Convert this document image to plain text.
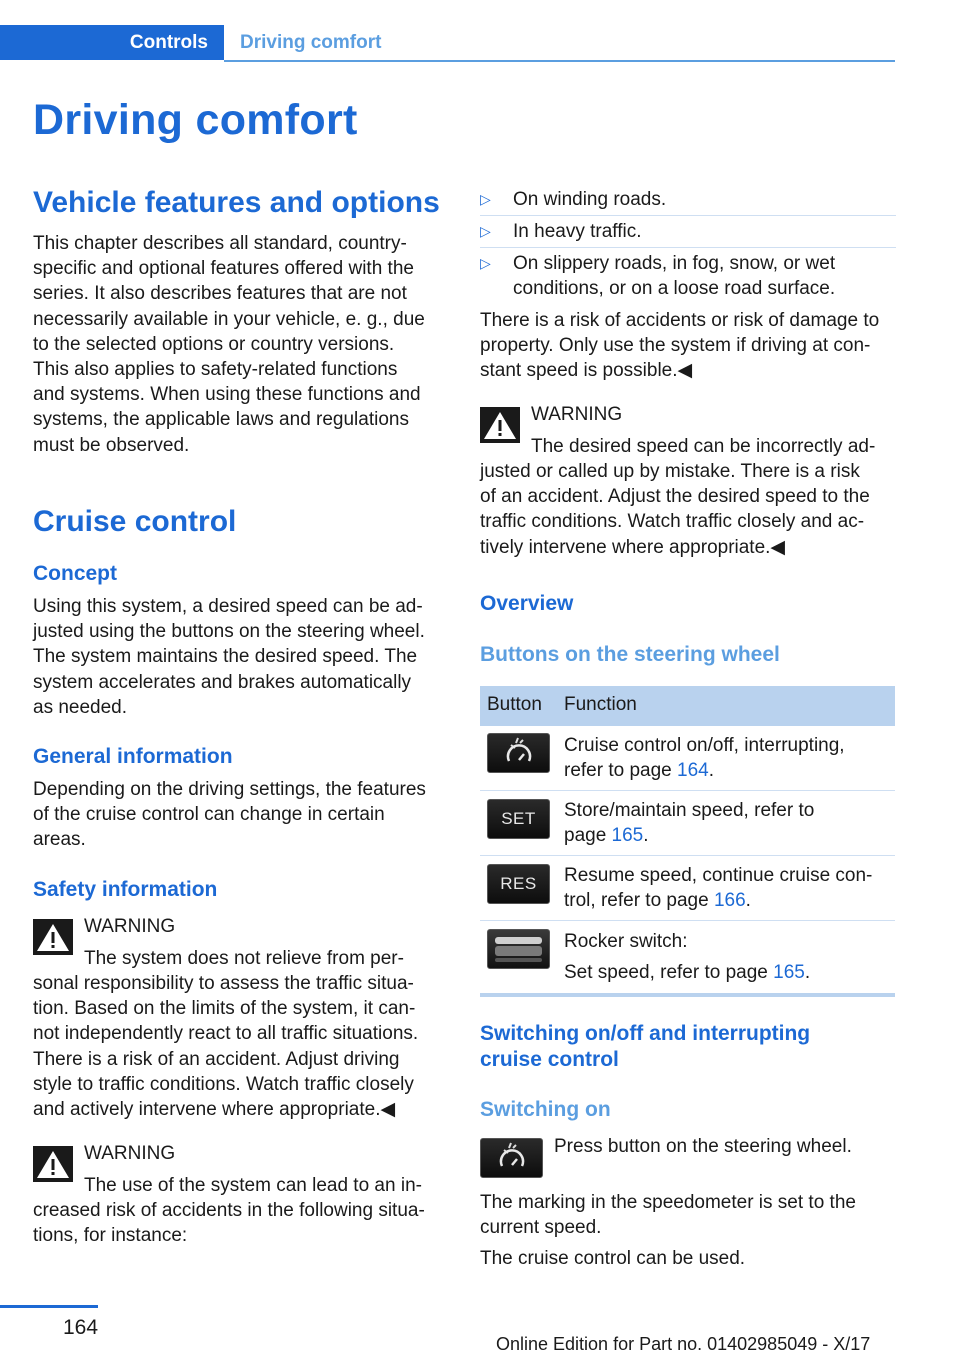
Controls	Driving comfort
Driving comfort
Vehicle features and options
This chapter describes all standard, country-
specific and optional features offered with the
series. It also describes features that are not
necessarily available in your vehicle, e. g., due
to the selected options or country versions.
This also applies to safety-related functions
and systems. When using these functions and
systems, the applicable laws and regulations
must be observed.
Cruise control
Concept
Using this system, a desired speed can be ad-
justed using the buttons on the steering wheel.
The system maintains the desired speed. The
system accelerates and brakes automatically
as needed.
General information
Depending on the driving settings, the features
of the cruise control can change in certain
areas.
Safety information
WARNING
The system does not relieve from per-
sonal responsibility to assess the traffic situa-
tion. Based on the limits of the system, it can-
not independently react to all traffic situations.
There is a risk of an accident. Adjust driving
style to traffic conditions. Watch traffic closely
and actively intervene where appropriate.◀
WARNING
The use of the system can lead to an in-
creased risk of accidents in the following situa-
tions, for instance:
▷ On winding roads.
▷ In heavy traffic.
▷ On slippery roads, in fog, snow, or wet
conditions, or on a loose road surface.
There is a risk of accidents or risk of damage to
property. Only use the system if driving at con-
stant speed is possible.◀
WARNING
The desired speed can be incorrectly ad-
justed or called up by mistake. There is a risk
of an accident. Adjust the desired speed to the
traffic conditions. Watch traffic closely and ac-
tively intervene where appropriate.◀
Overview
Buttons on the steering wheel
Button Function
Cruise control on/off, interrupting,
refer to page 164.
SET	Store/maintain speed, refer to
page 165.
RES	Resume speed, continue cruise con-
trol, refer to page 166.
Rocker switch:
Set speed, refer to page 165.
Switching on/off and interrupting
cruise control
Switching on
Press button on the steering wheel.
The marking in the speedometer is set to the
current speed.
The cruise control can be used.
164
Online Edition for Part no. 01402985049 - X/17
